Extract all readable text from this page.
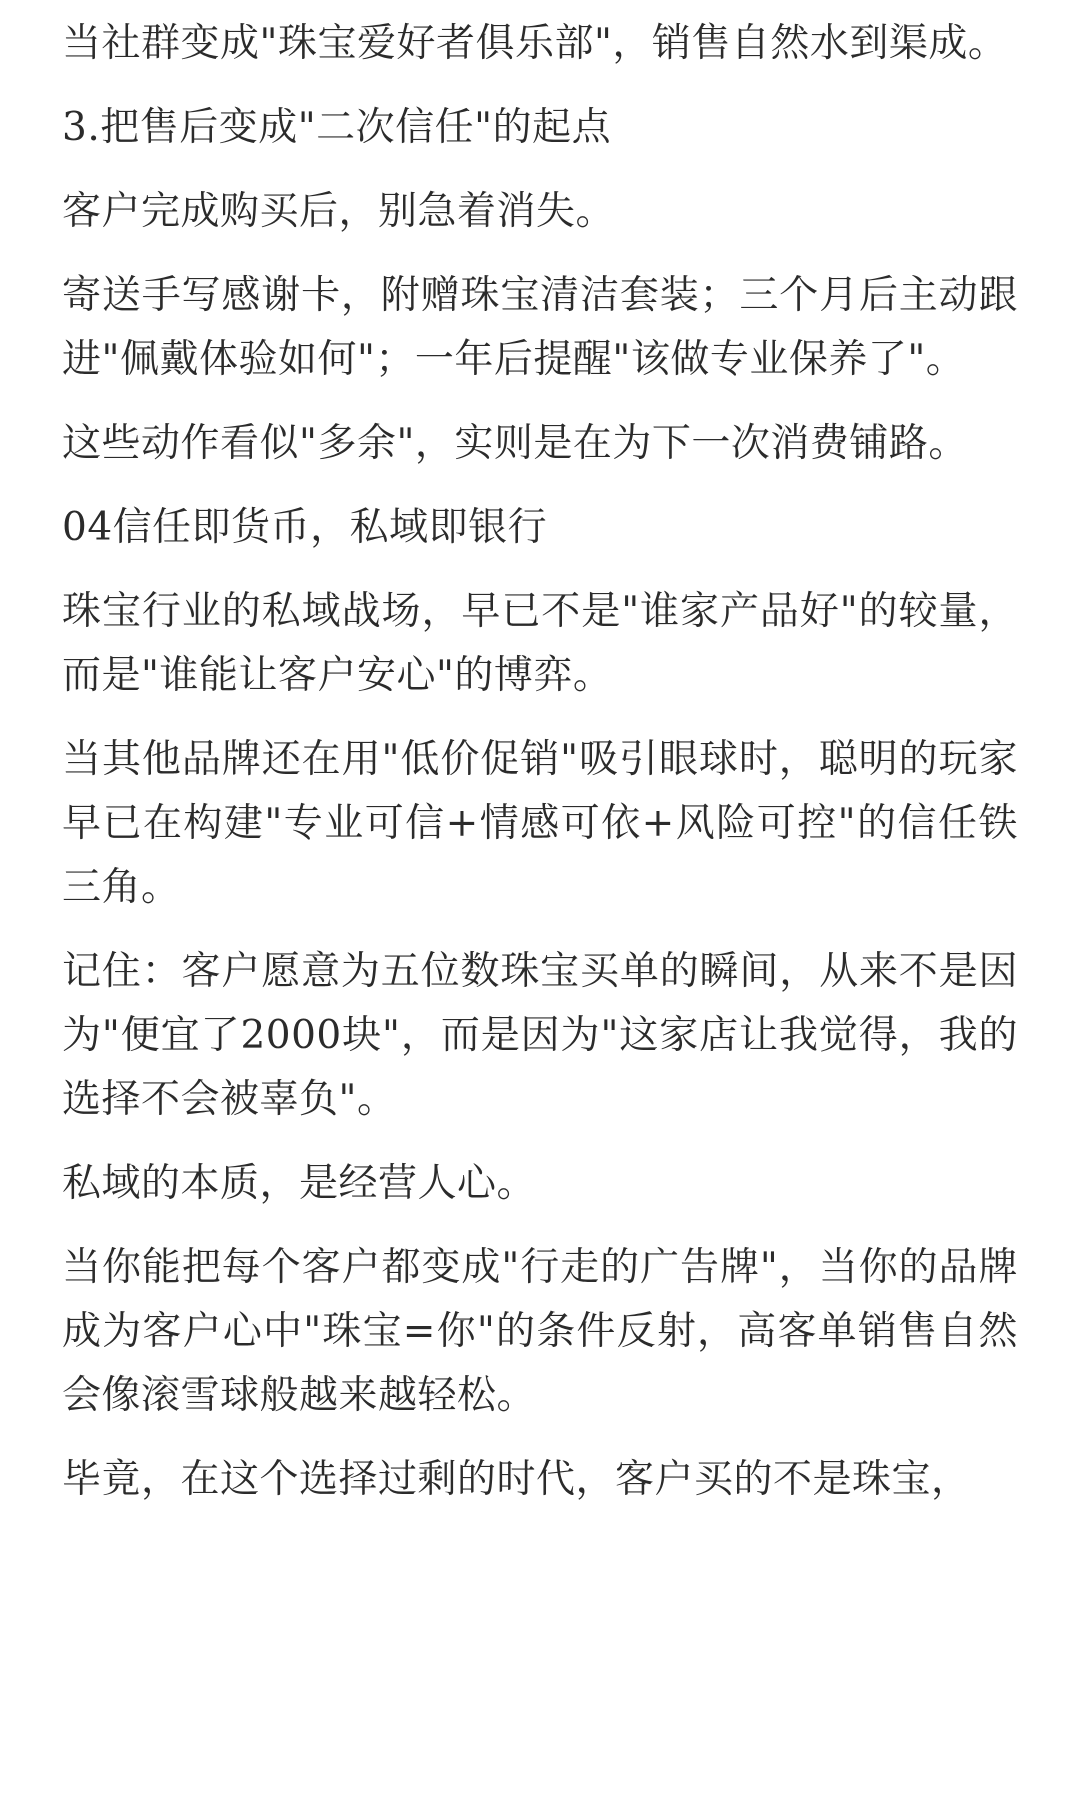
当社群变成"珠宝爱好者俱乐部"，销售自然水到渠成。

3.把售后变成"二次信任"的起点

客户完成购买后，别急着消失。

寄送手写感谢卡，附赠珠宝清洁套装；三个月后主动跟进"佩戴体验如何"；一年后提醒"该做专业保养了"。

这些动作看似"多余"，实则是在为下一次消费铺路。

04信任即货币，私域即银行

珠宝行业的私域战场，早已不是"谁家产品好"的较量，而是"谁能让客户安心"的博弈。

当其他品牌还在用"低价促销"吸引眼球时，聪明的玩家早已在构建"专业可信+情感可依+风险可控"的信任铁三角。

记住：客户愿意为五位数珠宝买单的瞬间，从来不是因为"便宜了2000块"，而是因为"这家店让我觉得，我的选择不会被辜负"。

私域的本质，是经营人心。

当你能把每个客户都变成"行走的广告牌"，当你的品牌成为客户心中"珠宝=你"的条件反射，高客单销售自然会像滚雪球般越来越轻松。

毕竟，在这个选择过剩的时代，客户买的不是珠宝，
